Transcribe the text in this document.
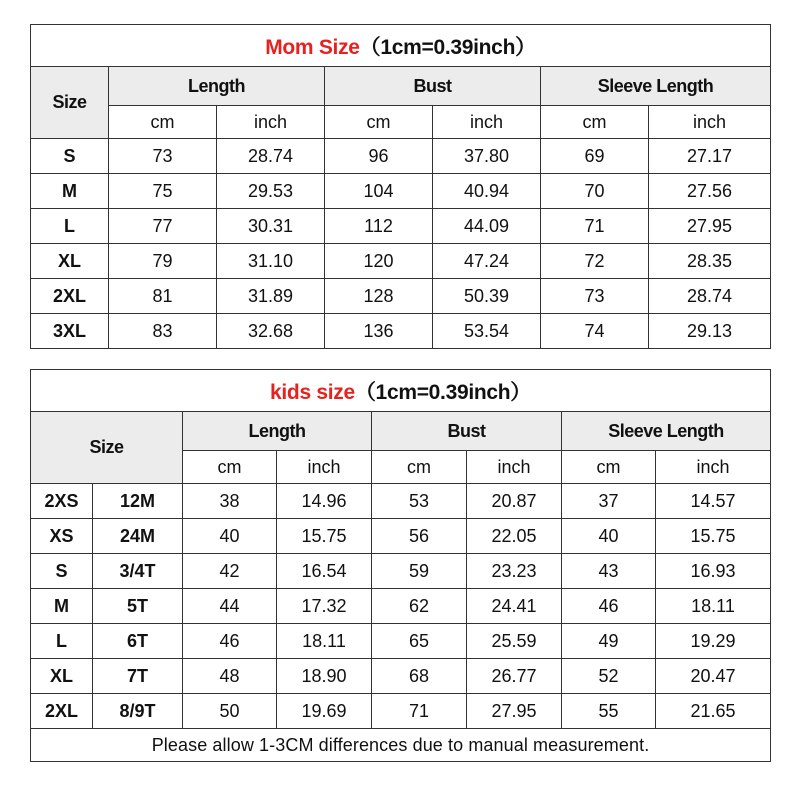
Mom Size（1cm=0.39inch）						
Size	Length		Bust		Sleeve Length	
	cm	inch	cm	inch	cm	inch
S	73	28.74	96	37.80	69	27.17
M	75	29.53	104	40.94	70	27.56
L	77	30.31	112	44.09	71	27.95
XL	79	31.10	120	47.24	72	28.35
2XL	81	31.89	128	50.39	73	28.74
3XL	83	32.68	136	53.54	74	29.13
kids size（1cm=0.39inch）							
Size		Length		Bust		Sleeve Length	
		cm	inch	cm	inch	cm	inch
2XS	12M	38	14.96	53	20.87	37	14.57
XS	24M	40	15.75	56	22.05	40	15.75
S	3/4T	42	16.54	59	23.23	43	16.93
M	5T	44	17.32	62	24.41	46	18.11
L	6T	46	18.11	65	25.59	49	19.29
XL	7T	48	18.90	68	26.77	52	20.47
2XL	8/9T	50	19.69	71	27.95	55	21.65
Please allow 1-3CM differences due to manual measurement.							
